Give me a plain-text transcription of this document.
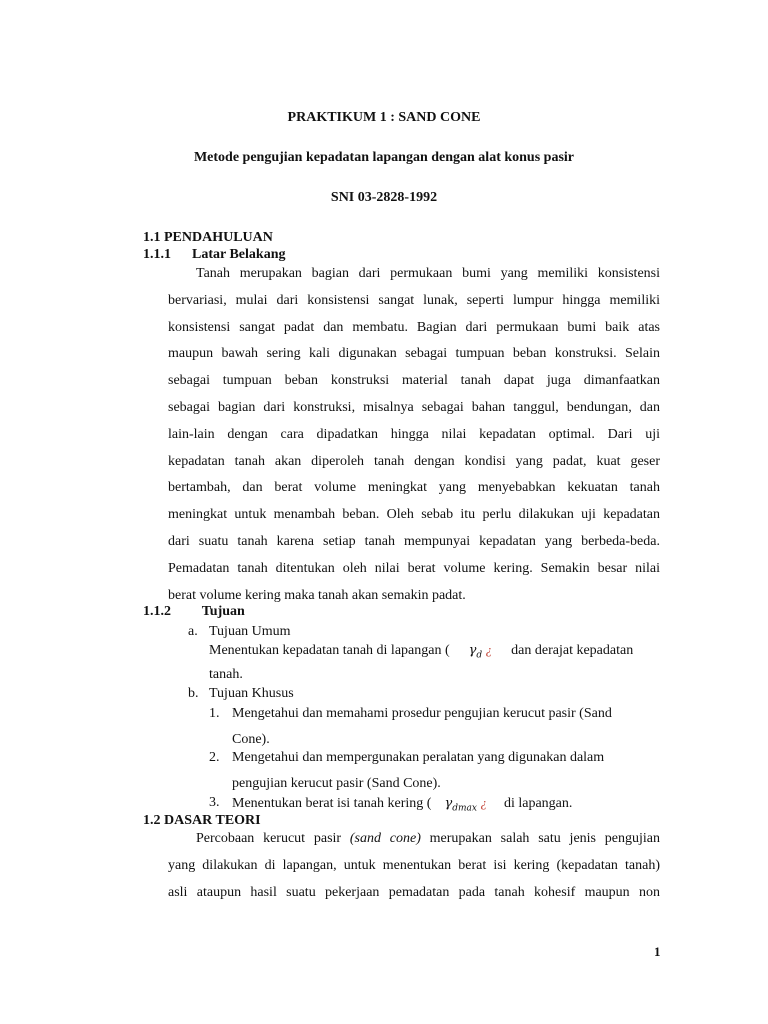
PRAKTIKUM 1 : SAND CONE
Metode pengujian kepadatan lapangan dengan alat konus pasir
SNI 03-2828-1992
1.1 PENDAHULUAN
1.1.1 Latar Belakang
Tanah merupakan bagian dari permukaan bumi yang memiliki konsistensi
bervariasi, mulai dari konsistensi sangat lunak, seperti lumpur hingga memiliki
konsistensi sangat padat dan membatu. Bagian dari permukaan bumi baik atas
maupun bawah sering kali digunakan sebagai tumpuan beban konstruksi. Selain
sebagai tumpuan beban konstruksi material tanah dapat juga dimanfaatkan
sebagai bagian dari konstruksi, misalnya sebagai bahan tanggul, bendungan, dan
lain-lain dengan cara dipadatkan hingga nilai kepadatan optimal. Dari uji
kepadatan tanah akan diperoleh tanah dengan kondisi yang padat, kuat geser
bertambah, dan berat volume meningkat yang menyebabkan kekuatan tanah
meningkat untuk menambah beban. Oleh sebab itu perlu dilakukan uji kepadatan
dari suatu tanah karena setiap tanah mempunyai kepadatan yang berbeda-beda.
Pemadatan tanah ditentukan oleh nilai berat volume kering. Semakin besar nilai
berat volume kering maka tanah akan semakin padat.
1.1.2 Tujuan
a. Tujuan Umum
Menentukan kepadatan tanah di lapangan ( $\gamma_d$ ¿ dan derajat kepadatan
tanah.
b. Tujuan Khusus
1. Mengetahui dan memahami prosedur pengujian kerucut pasir (Sand
Cone).
2. Mengetahui dan mempergunakan peralatan yang digunakan dalam
pengujian kerucut pasir (Sand Cone).
3. Menentukan berat isi tanah kering ( $\gamma_{dmax}$ ¿ di lapangan.
1.2 DASAR TEORI
Percobaan kerucut pasir (sand cone) merupakan salah satu jenis pengujian
yang dilakukan di lapangan, untuk menentukan berat isi kering (kepadatan tanah)
asli ataupun hasil suatu pekerjaan pemadatan pada tanah kohesif maupun non
1
